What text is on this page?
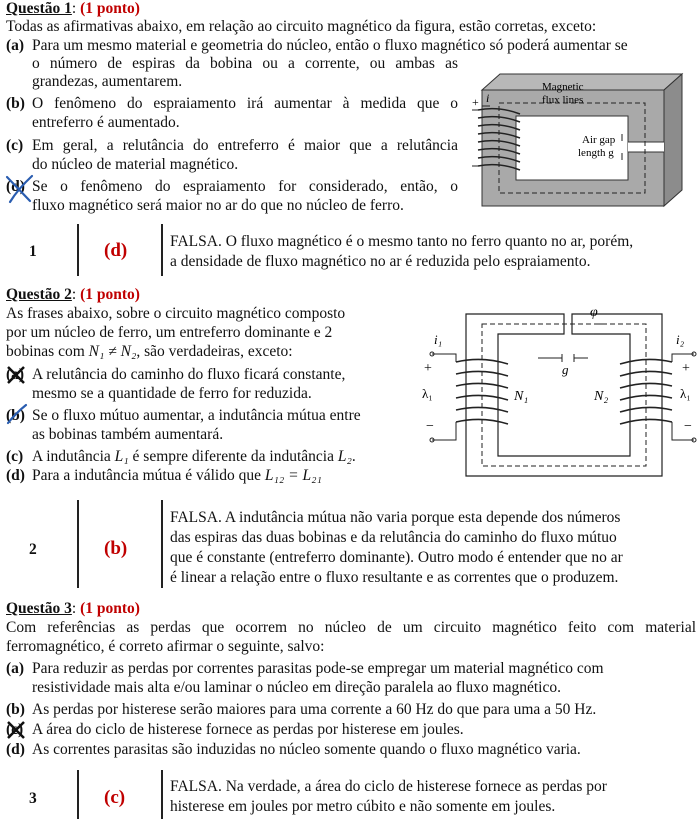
Questão 1: (1 ponto)
Todas as afirmativas abaixo, em relação ao circuito magnético da figura, estão corretas, exceto:
(a) Para um mesmo material e geometria do núcleo, então o fluxo magnético só poderá aumentar se
o número de espiras da bobina ou a corrente, ou ambas as
grandezas, aumentarem.
(b) O fenômeno do espraiamento irá aumentar à medida que o
entreferro é aumentado.
(c) Em geral, a relutância do entreferro é maior que a relutância
do núcleo de material magnético.
(d) Se o fenômeno do espraiamento for considerado, então, o
fluxo magnético será maior no ar do que no núcleo de ferro.
+ i
Magnetic
flux lines
Air gap
length g
1	(d)	FALSA. O fluxo magnético é o mesmo tanto no ferro quanto no ar, porém,
a densidade de fluxo magnético no ar é reduzida pelo espraiamento.
Questão 2: (1 ponto)
As frases abaixo, sobre o circuito magnético composto
por um núcleo de ferro, um entreferro dominante e 2
bobinas com N₁ ≠ N₂, são verdadeiras, exceto:
(a) A relutância do caminho do fluxo ficará constante,
mesmo se a quantidade de ferro for reduzida.
(b) Se o fluxo mútuo aumentar, a indutância mútua entre
as bobinas também aumentará.
(c) A indutância L₁ é sempre diferente da indutância L₂.
(d) Para a indutância mútua é válido que L₁₂ = L₂₁
g
φ
i₁	i₂
+	+
λ₁	λ₁
−	−
N₁	N₂
2	(b)
FALSA. A indutância mútua não varia porque esta depende dos números
das espiras das duas bobinas e da relutância do caminho do fluxo mútuo
que é constante (entreferro dominante). Outro modo é entender que no ar
é linear a relação entre o fluxo resultante e as correntes que o produzem.
Questão 3: (1 ponto)
Com referências as perdas que ocorrem no núcleo de um circuito magnético feito com material
ferromagnético, é correto afirmar o seguinte, salvo:
(a) Para reduzir as perdas por correntes parasitas pode-se empregar um material magnético com
resistividade mais alta e/ou laminar o núcleo em direção paralela ao fluxo magnético.
(b) As perdas por histerese serão maiores para uma corrente a 60 Hz do que para uma a 50 Hz.
(c) A área do ciclo de histerese fornece as perdas por histerese em joules.
(d) As correntes parasitas são induzidas no núcleo somente quando o fluxo magnético varia.
3	(c)
FALSA. Na verdade, a área do ciclo de histerese fornece as perdas por
histerese em joules por metro cúbito e não somente em joules.
